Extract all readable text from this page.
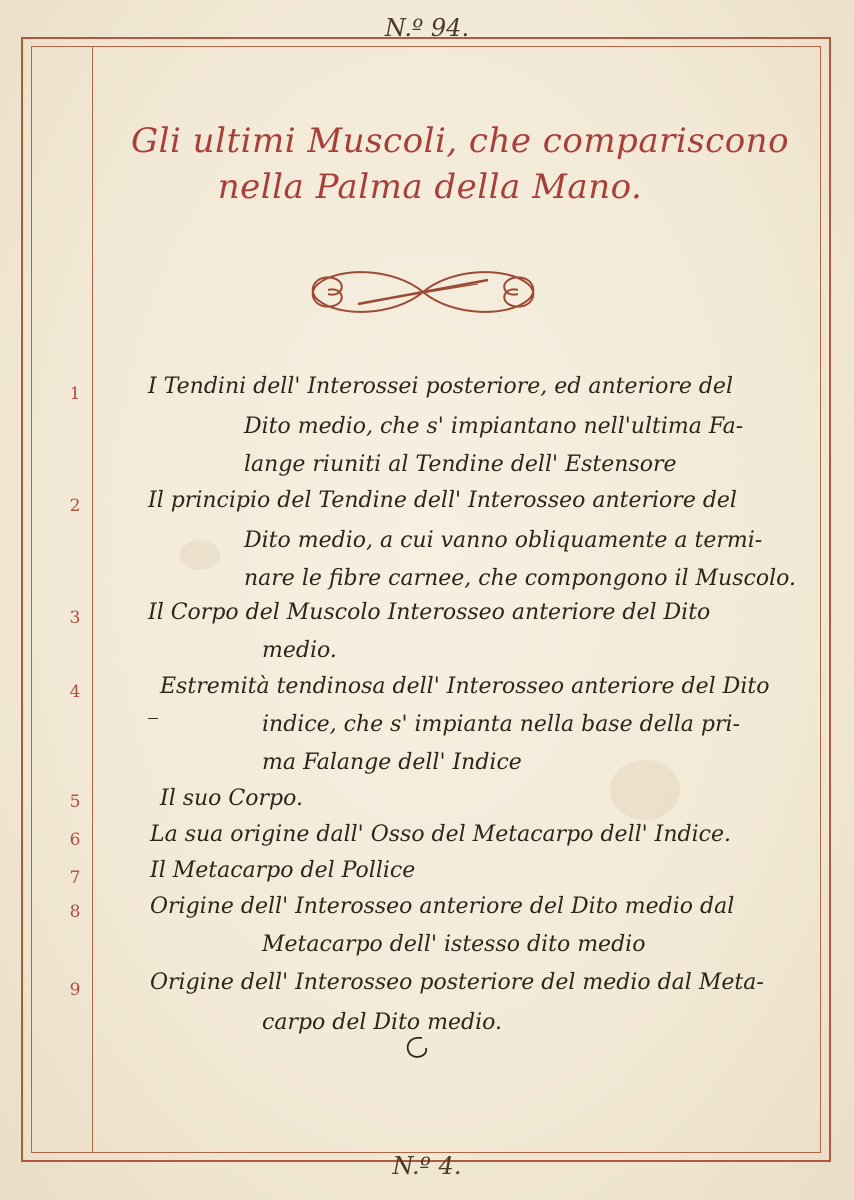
N.º 94.
Gli ultimi Muscoli, che compariscono
nella Palma della Mano.
1	I Tendini dell' Interossei posteriore, ed anteriore del
Dito medio, che s' impiantano nell'ultima Fa-
lange riuniti al Tendine dell' Estensore
2	Il principio del Tendine dell' Interosseo anteriore del
Dito medio, a cui vanno obliquamente a termi-
nare le fibre carnee, che compongono il Muscolo.
3	Il Corpo del Muscolo Interosseo anteriore del Dito
medio.
4	Estremità tendinosa dell' Interosseo anteriore del Dito
indice, che s' impianta nella base della pri-
ma Falange dell' Indice
5	Il suo Corpo.
6	La sua origine dall' Osso del Metacarpo dell' Indice.
7	Il Metacarpo del Pollice
8	Origine dell' Interosseo anteriore del Dito medio dal
Metacarpo dell' istesso dito medio
9	Origine dell' Interosseo posteriore del medio dal Meta-
carpo del Dito medio.
N.º 4.
